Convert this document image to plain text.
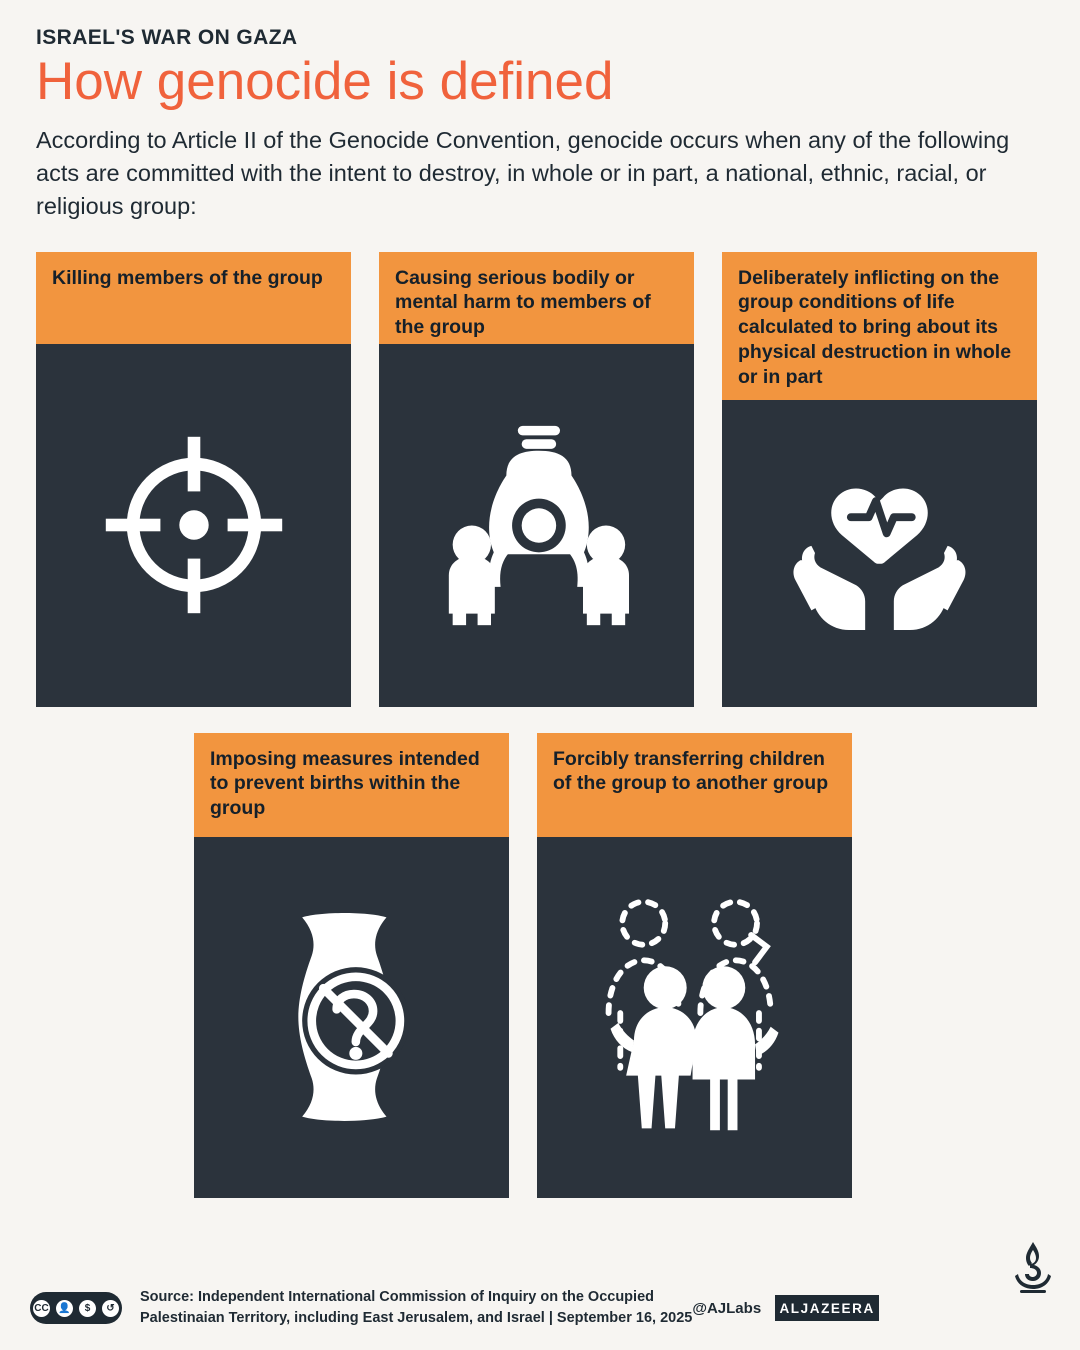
ISRAEL'S WAR ON GAZA
How genocide is defined
According to Article II of the Genocide Convention, genocide occurs when any of the following acts are committed with the intent to destroy, in whole or in part, a national, ethnic, racial, or religious group:
Killing members of the group	Causing serious bodily or mental harm to members of the group
Deliberately inflicting on the group conditions of life calculated to bring about its physical destruction in whole or in part
Imposing measures intended to prevent births within the group
Forcibly transferring children of the group to another group
CC 👤	$	↺
Source: Independent International Commission of Inquiry on the Occupied
Palestinaian Territory, including East Jerusalem, and Israel | September 16, 2025
@AJLabs	ALJAZEERA
